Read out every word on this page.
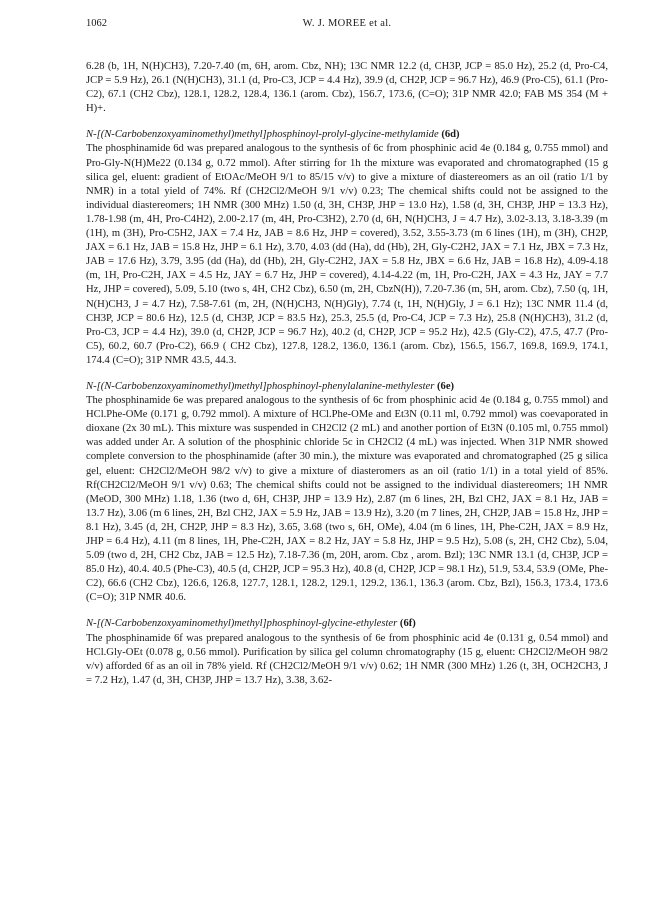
1062	W. J. MOREE et al.

6.28 (b, 1H, N(H)CH3), 7.20-7.40 (m, 6H, arom. Cbz, NH); 13C NMR 12.2 (d, CH3P, JCP = 85.0 Hz), 25.2 (d, Pro-C4, JCP = 5.9 Hz), 26.1 (N(H)CH3), 31.1 (d, Pro-C3, JCP = 4.4 Hz), 39.9 (d, CH2P, JCP = 96.7 Hz), 46.9 (Pro-C5), 61.1 (Pro-C2), 67.1 (CH2 Cbz), 128.1, 128.2, 128.4, 136.1 (arom. Cbz), 156.7, 173.6, (C=O); 31P NMR 42.0; FAB MS 354 (M + H)+.

N-[(N-Carbobenzoxyaminomethyl)methyl]phosphinoyl-prolyl-glycine-methylamide (6d)

The phosphinamide 6d was prepared analogous to the synthesis of 6c from phosphinic acid 4e (0.184 g, 0.755 mmol) and Pro-Gly-N(H)Me22 (0.134 g, 0.72 mmol). After stirring for 1h the mixture was evaporated and chromatographed (15 g silica gel, eluent: gradient of EtOAc/MeOH 9/1 to 85/15 v/v) to give a mixture of diastereomers as an oil (ratio 1/1 by NMR) in a total yield of 74%. Rf (CH2Cl2/MeOH 9/1 v/v) 0.23; The chemical shifts could not be assigned to the individual diastereomers; 1H NMR (300 MHz) 1.50 (d, 3H, CH3P, JHP = 13.0 Hz), 1.58 (d, 3H, CH3P, JHP = 13.3 Hz), 1.78-1.98 (m, 4H, Pro-C4H2), 2.00-2.17 (m, 4H, Pro-C3H2), 2.70 (d, 6H, N(H)CH3, J = 4.7 Hz), 3.02-3.13, 3.18-3.39 (m (1H), m (3H), Pro-C5H2, JAX = 7.4 Hz, JAB = 8.6 Hz, JHP = covered), 3.52, 3.55-3.73 (m 6 lines (1H), m (3H), CH2P, JAX = 6.1 Hz, JAB = 15.8 Hz, JHP = 6.1 Hz), 3.70, 4.03 (dd (Ha), dd (Hb), 2H, Gly-C2H2, JAX = 7.1 Hz, JBX = 7.3 Hz, JAB = 17.6 Hz), 3.79, 3.95 (dd (Ha), dd (Hb), 2H, Gly-C2H2, JAX = 5.8 Hz, JBX = 6.6 Hz, JAB = 16.8 Hz), 4.09-4.18 (m, 1H, Pro-C2H, JAX = 4.5 Hz, JAY = 6.7 Hz, JHP = covered), 4.14-4.22 (m, 1H, Pro-C2H, JAX = 4.3 Hz, JAY = 7.7 Hz, JHP = covered), 5.09, 5.10 (two s, 4H, CH2 Cbz), 6.50 (m, 2H, CbzN(H)), 7.20-7.36 (m, 5H, arom. Cbz), 7.50 (q, 1H, N(H)CH3, J = 4.7 Hz), 7.58-7.61 (m, 2H, (N(H)CH3, N(H)Gly), 7.74 (t, 1H, N(H)Gly, J = 6.1 Hz); 13C NMR 11.4 (d, CH3P, JCP = 80.6 Hz), 12.5 (d, CH3P, JCP = 83.5 Hz), 25.3, 25.5 (d, Pro-C4, JCP = 7.3 Hz), 25.8 (N(H)CH3), 31.2 (d, Pro-C3, JCP = 4.4 Hz), 39.0 (d, CH2P, JCP = 96.7 Hz), 40.2 (d, CH2P, JCP = 95.2 Hz), 42.5 (Gly-C2), 47.5, 47.7 (Pro-C5), 60.2, 60.7 (Pro-C2), 66.9 ( CH2 Cbz), 127.8, 128.2, 136.0, 136.1 (arom. Cbz), 156.5, 156.7, 169.8, 169.9, 174.1, 174.4 (C=O); 31P NMR 43.5, 44.3.

N-[(N-Carbobenzoxyaminomethyl)methyl]phosphinoyl-phenylalanine-methylester (6e)

The phosphinamide 6e was prepared analogous to the synthesis of 6c from phosphinic acid 4e (0.184 g, 0.755 mmol) and HCl.Phe-OMe (0.171 g, 0.792 mmol). A mixture of HCl.Phe-OMe and Et3N (0.11 ml, 0.792 mmol) was coevaporated in dioxane (2x 30 mL). This mixture was suspended in CH2Cl2 (2 mL) and another portion of Et3N (0.105 ml, 0.755 mmol) was added under Ar. A solution of the phosphinic chloride 5c in CH2Cl2 (4 mL) was injected. When 31P NMR showed complete conversion to the phosphinamide (after 30 min.), the mixture was evaporated and chromatographed (25 g silica gel, eluent: CH2Cl2/MeOH 98/2 v/v) to give a mixture of diasteromers as an oil (ratio 1/1) in a total yield of 85%. Rf(CH2Cl2/MeOH 9/1 v/v) 0.63; The chemical shifts could not be assigned to the individual diastereomers; 1H NMR (MeOD, 300 MHz) 1.18, 1.36 (two d, 6H, CH3P, JHP = 13.9 Hz), 2.87 (m 6 lines, 2H, Bzl CH2, JAX = 8.1 Hz, JAB = 13.7 Hz), 3.06 (m 6 lines, 2H, Bzl CH2, JAX = 5.9 Hz, JAB = 13.9 Hz), 3.20 (m 7 lines, 2H, CH2P, JAB = 15.8 Hz, JHP = 8.1 Hz), 3.45 (d, 2H, CH2P, JHP = 8.3 Hz), 3.65, 3.68 (two s, 6H, OMe), 4.04 (m 6 lines, 1H, Phe-C2H, JAX = 8.9 Hz, JHP = 6.4 Hz), 4.11 (m 8 lines, 1H, Phe-C2H, JAX = 8.2 Hz, JAY = 5.8 Hz, JHP = 9.5 Hz), 5.08 (s, 2H, CH2 Cbz), 5.04, 5.09 (two d, 2H, CH2 Cbz, JAB = 12.5 Hz), 7.18-7.36 (m, 20H, arom. Cbz , arom. Bzl); 13C NMR 13.1 (d, CH3P, JCP = 85.0 Hz), 40.4. 40.5 (Phe-C3), 40.5 (d, CH2P, JCP = 95.3 Hz), 40.8 (d, CH2P, JCP = 98.1 Hz), 51.9, 53.4, 53.9 (OMe, Phe-C2), 66.6 (CH2 Cbz), 126.6, 126.8, 127.7, 128.1, 128.2, 129.1, 129.2, 136.1, 136.3 (arom. Cbz, Bzl), 156.3, 173.4, 173.6 (C=O); 31P NMR 40.6.

N-[(N-Carbobenzoxyaminomethyl)methyl]phosphinoyl-glycine-ethylester (6f)

The phosphinamide 6f was prepared analogous to the synthesis of 6e from phosphinic acid 4e (0.131 g, 0.54 mmol) and HCl.Gly-OEt (0.078 g, 0.56 mmol). Purification by silica gel column chromatography (15 g, eluent: CH2Cl2/MeOH 98/2 v/v) afforded 6f as an oil in 78% yield. Rf (CH2Cl2/MeOH 9/1 v/v) 0.62; 1H NMR (300 MHz) 1.26 (t, 3H, OCH2CH3, J = 7.2 Hz), 1.47 (d, 3H, CH3P, JHP = 13.7 Hz), 3.38, 3.62-
